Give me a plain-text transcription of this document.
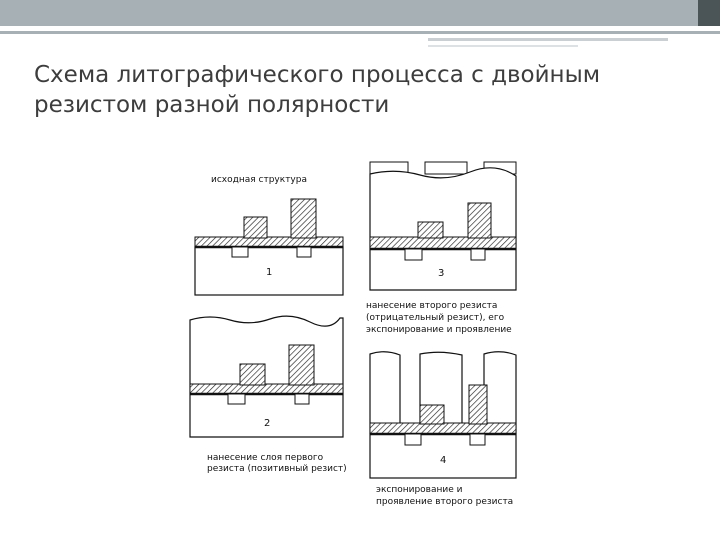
Схема литографического процесса с двойным
резистом разной полярности
исходная структура
1
2
нанесение слоя первого
резиста (позитивный резист)
3
нанесение второго резиста
(отрицательный резист), его
экспонирование и проявление
4
экспонирование и
проявление второго резиста
